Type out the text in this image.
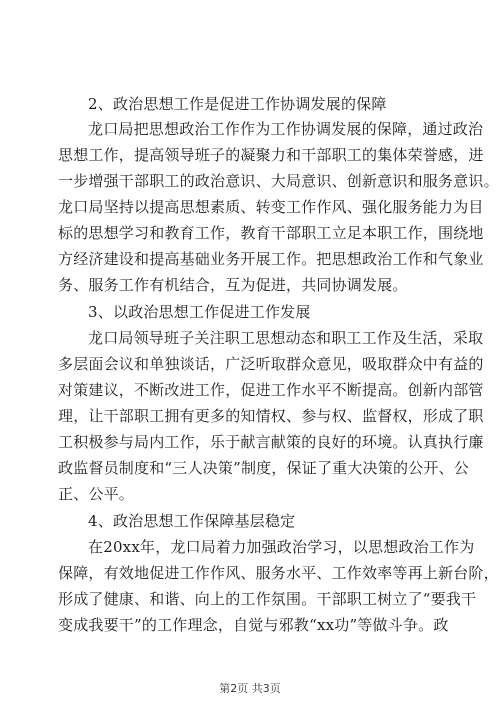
2、政治思想工作是促进工作协调发展的保障

龙口局把思想政治工作作为工作协调发展的保障，通过政治
思想工作，提高领导班子的凝聚力和干部职工的集体荣誉感，进
一步增强干部职工的政治意识、大局意识、创新意识和服务意识。
龙口局坚持以提高思想素质、转变工作作风、强化服务能力为目
标的思想学习和教育工作，教育干部职工立足本职工作，围绕地
方经济建设和提高基础业务开展工作。把思想政治工作和气象业
务、服务工作有机结合，互为促进，共同协调发展。

3、以政治思想工作促进工作发展

龙口局领导班子关注职工思想动态和职工工作及生活，采取
多层面会议和单独谈话，广泛听取群众意见，吸取群众中有益的
对策建议，不断改进工作，促进工作水平不断提高。创新内部管
理，让干部职工拥有更多的知情权、参与权、监督权，形成了职
工积极参与局内工作，乐于献言献策的良好的环境。认真执行廉
政监督员制度和“三人决策”制度，保证了重大决策的公开、公
正、公平。

4、政治思想工作保障基层稳定

在20xx年，龙口局着力加强政治学习，以思想政治工作为
保障，有效地促进工作作风、服务水平、工作效率等再上新台阶，
形成了健康、和谐、向上的工作氛围。干部职工树立了“要我干
变成我要干”的工作理念，自觉与邪教“xx功”等做斗争。政
第2页 共3页
